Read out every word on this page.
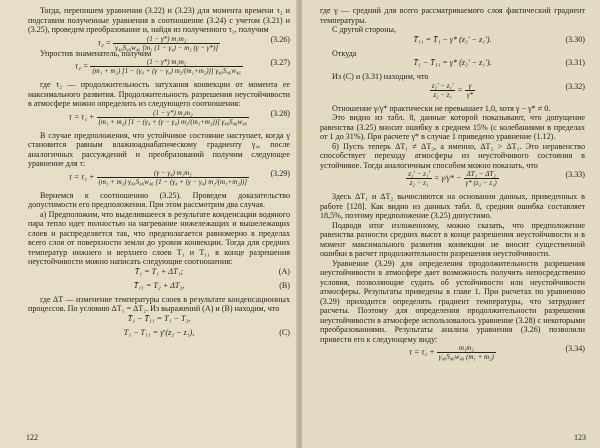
Тогда, перепишем уравнения (3.22) и (3.23) для момента времени τ₂ и подставим полученные уравнения в соотношение (3.24) с учетом (3.21) и (3.25), проведем преобразование и, найдя из полученного τ₂, получим

$\tau_2 = \frac{\text{(1 − γ*) m₁m₂}}{\text{γ₄₆S₄₆w₄₆ [m₁ (1 − γ₄) − m₂ (γ − γ*)]}}$	(3.26)

Упростив знаменатель, получим

$\tau_2 = \frac{\text{(1 − γ*) m₁m₂}}{\text{(m₁ + m₂) [1 − (γ₄ + (γ − γ₄) m₂/(m₁+m₂))] γ₄₆S₄₆w₄₆}}$	(3.27)

где τ₂ — продолжительность затухания конвекции от момента ее максимального развития. Продолжительность разрешения неустойчивости в атмосфере можно определить из следующего соотношения:

$\tau = \tau_1 + \frac{\text{(1 − γ*) m₁m₂}}{\text{(m₁ + m₂) [1 − (γ₄ + (γ − γ₄) m₂/(m₁+m₂))] γ₄₆S₄₆w₄₆}}$	(3.28)

В случае предположения, что устойчивое состояние наступает, когда γ становится равным влажноадиабатическому градиенту γ₄, после аналогичных рассуждений и преобразований получим следующее уравнение для τ:

$\tau = \tau_1 + \frac{\text{(γ − γ₄) m₁m₂}}{\text{(m₁ + m₂) γ₄₆S₄₆w₄₆ [1 − (γ₄ + (γ − γ₄) m₂/(m₁+m₂))]}}$	(3.29)

Вернемся к соотношению (3.25). Проведем доказательство допустимости его предположения. При этом рассмотрим два случая.

а) Предположим, что выделившееся в результате конденсации водяного пара тепло идет полностью на нагревание нижележащих и вышележащих слоев и распределяется так, что предполагается равномерно в пределах всего слоя от поверхности земли до уровня конвекции. Тогда для средних температур нижнего и верхнего слоев T₁ и T₁₁ в конце разрешения неустойчивости можно написать следующие соотношения:

T̄₁ = T₁ + ΔT₁;	(A)
T̄₁₁ = T₂ + ΔT₂,	(B)

где ΔT — изменение температуры слоев в результате конденсационных процессов. По условию ΔT₁ = ΔT₂. Из выражений (A) и (B) находим, что

T̄₁ − T̄₁₁ = T₁ − T₂,
T₁ − T₁₁ = γ̄ (z₂ − z₁),	(C)
122

где γ — средний для всего рассматриваемого слоя фактический градиент температуры.

С другой стороны,

T̄₁₁ = T̄₁ − γ* (z₂′ − z₁′).	(3.30)

Откуда

T̄₁ − T̄₁₁ = γ* (z₂′ − z₁′).	(3.31)

Из (C) и (3.31) находим, что

$\frac{\text{z₂′ − z₁′}}{\text{z₂ − z₁}} = \frac{\gamma}{\gamma*}$	(3.32)

Отношение γ/γ* практически не превышает 1,0, хотя γ − γ* ≠ 0.

Это видно из табл. 8, данные которой показывают, что допущение равенства (3.25) вносит ошибку в среднем 15% (с колебаниями в пределах от 1 до 31%). При расчете γ* в случае 1 приведено уравнение (1.12).

б) Пусть теперь ΔT₁ ≠ ΔT₂, а именно, ΔT₂ > ΔT₁. Это неравенство способствует переходу атмосферы из неустойчивого состояния в устойчивое. Тогда аналогичным способом можно показать, что

$\frac{\text{z₂′ − z₁′}}{\text{z₂ − z₁}} = \gamma/\gamma* - \frac{\text{ΔT₁ − ΔT₂}}{\text{γ* (z₂ − z₁)}}$	(3.33)

Здесь ΔT₁ и ΔT₂ вычисляются на основании данных, приведенных в работе [128]. Как видно из данных табл. 8, средняя ошибка составляет 18,5%, поэтому предположение (3.25) допустимо.

Подводя итог изложенному, можно сказать, что предположение равенства разности средних высот в конце разрешения неустойчивости и в момент максимального развития конвекции не вносит существенной ошибки в расчет продолжительности разрешения неустойчивости.

Уравнение (3.29) для определения продолжительности разрешения неустойчивости в атмосфере дает возможность получить непосредственно условия, позволяющие судить об устойчивости или неустойчивости атмосферы. Результаты приведены в главе 1. При расчетах по уравнению (3.29) приходится определять градиент температуры, что затрудняет расчеты. Поэтому для определения продолжительности разрешения неустойчивости в атмосфере использовалось уравнение (3.28) с некоторыми преобразованиями. Результаты анализа уравнения (3.26) позволили привести его к следующему виду:

$\tau = \tau_1 + \frac{\text{m₁m₂}}{\text{γ₄₆S₄₆w₄₆ (m₁ + m₂)}}$	(3.34)
123
